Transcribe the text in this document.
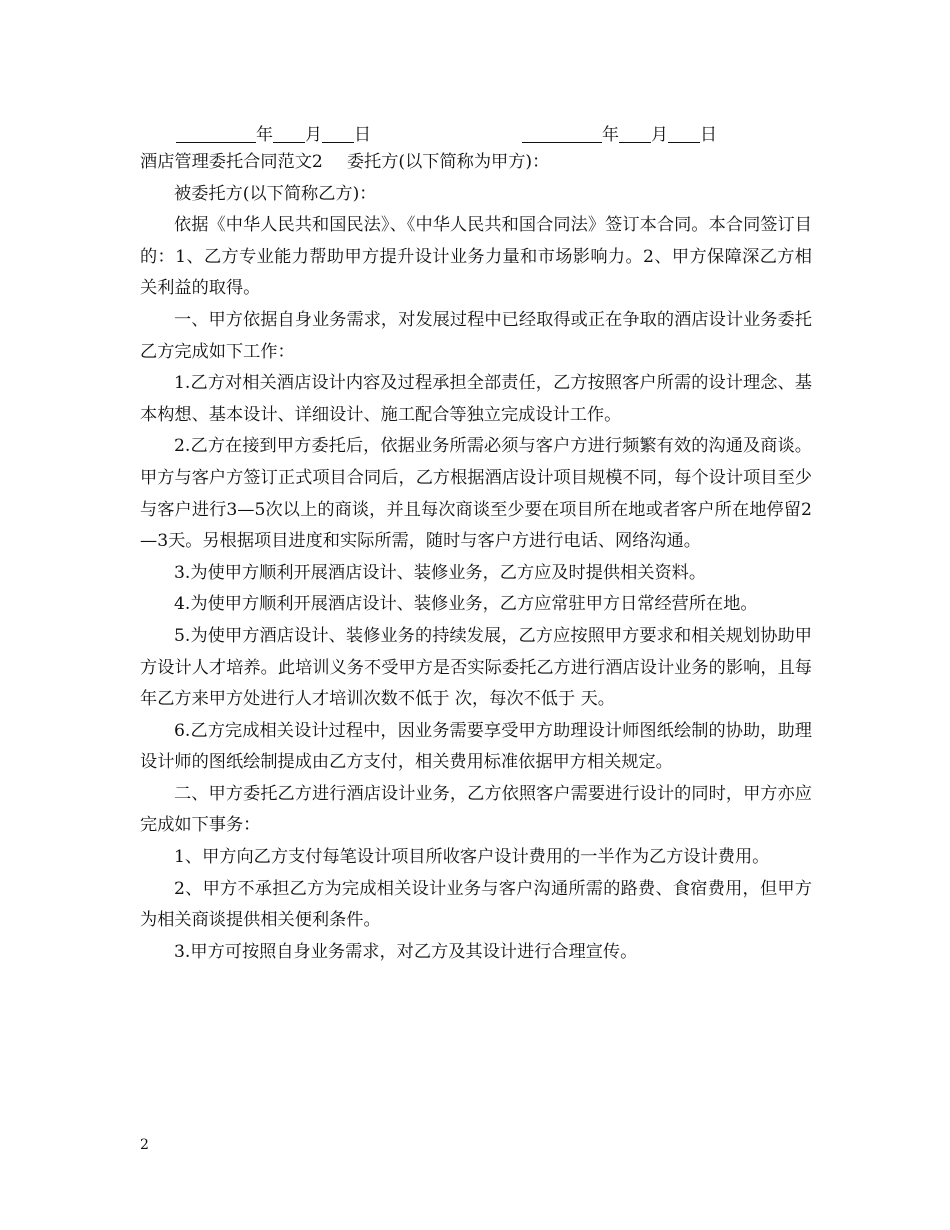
年 月 日	年 月 日

酒店管理委托合同范文2 委托方(以下简称为甲方)：

被委托方(以下简称乙方)：

依据《中华人民共和国民法》、《中华人民共和国合同法》签订本合同。本合同签订目的：1、乙方专业能力帮助甲方提升设计业务力量和市场影响力。2、甲方保障深乙方相关利益的取得。

一、甲方依据自身业务需求，对发展过程中已经取得或正在争取的酒店设计业务委托乙方完成如下工作：

1.乙方对相关酒店设计内容及过程承担全部责任，乙方按照客户所需的设计理念、基本构想、基本设计、详细设计、施工配合等独立完成设计工作。

2.乙方在接到甲方委托后，依据业务所需必须与客户方进行频繁有效的沟通及商谈。甲方与客户方签订正式项目合同后，乙方根据酒店设计项目规模不同，每个设计项目至少与客户进行3—5次以上的商谈，并且每次商谈至少要在项目所在地或者客户所在地停留2—3天。另根据项目进度和实际所需，随时与客户方进行电话、网络沟通。

3.为使甲方顺利开展酒店设计、装修业务，乙方应及时提供相关资料。

4.为使甲方顺利开展酒店设计、装修业务，乙方应常驻甲方日常经营所在地。

5.为使甲方酒店设计、装修业务的持续发展，乙方应按照甲方要求和相关规划协助甲方设计人才培养。此培训义务不受甲方是否实际委托乙方进行酒店设计业务的影响，且每年乙方来甲方处进行人才培训次数不低于 次，每次不低于 天。

6.乙方完成相关设计过程中，因业务需要享受甲方助理设计师图纸绘制的协助，助理设计师的图纸绘制提成由乙方支付，相关费用标准依据甲方相关规定。

二、甲方委托乙方进行酒店设计业务，乙方依照客户需要进行设计的同时，甲方亦应完成如下事务：

1、甲方向乙方支付每笔设计项目所收客户设计费用的一半作为乙方设计费用。

2、甲方不承担乙方为完成相关设计业务与客户沟通所需的路费、食宿费用，但甲方为相关商谈提供相关便利条件。

3.甲方可按照自身业务需求，对乙方及其设计进行合理宣传。

2
